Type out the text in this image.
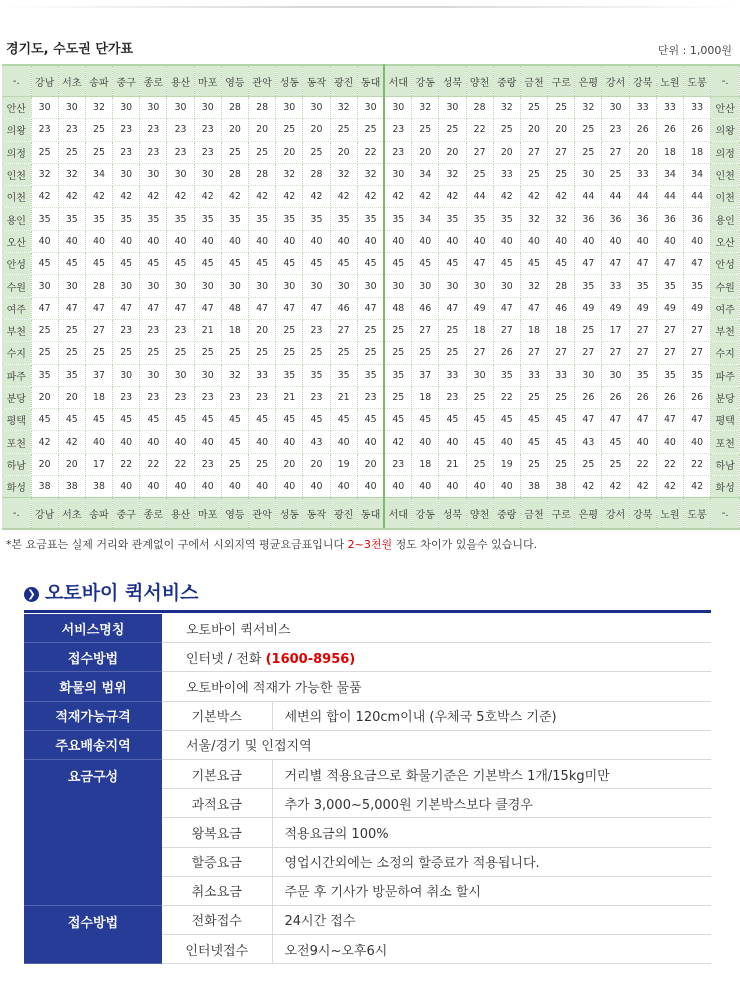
경기도, 수도권 단가표	단위 : 1,000원
-.	강남	서초	송파	중구	종로	용산	마포	영등	관악	성동	동작	광진	동대	서대	강동	성북	양천	중랑	금천	구로	은평	강서	강북	노원	도봉	-.
안산	30	30	32	30	30	30	30	28	28	30	30	32	30	30	32	30	28	32	25	25	32	30	33	33	33	안산
의왕	23	23	25	23	23	23	23	20	20	25	20	25	25	23	25	25	22	25	20	20	25	23	26	26	26	의왕
의정	25	25	25	23	23	23	23	25	25	20	25	20	22	23	20	20	27	20	27	27	25	27	20	18	18	의정
인천	32	32	34	30	30	30	30	28	28	32	28	32	32	30	34	32	25	33	25	25	30	25	33	34	34	인천
이천	42	42	42	42	42	42	42	42	42	42	42	42	42	42	42	42	44	42	42	42	44	44	44	44	44	이천
용인	35	35	35	35	35	35	35	35	35	35	35	35	35	35	34	35	35	35	32	32	36	36	36	36	36	용인
오산	40	40	40	40	40	40	40	40	40	40	40	40	40	40	40	40	40	40	40	40	40	40	40	40	40	오산
안성	45	45	45	45	45	45	45	45	45	45	45	45	45	45	45	45	47	45	45	45	47	47	47	47	47	안성
수원	30	30	28	30	30	30	30	30	30	30	30	30	30	30	30	30	30	30	32	28	35	33	35	35	35	수원
여주	47	47	47	47	47	47	47	48	47	47	47	46	47	48	46	47	49	47	47	46	49	49	49	49	49	여주
부천	25	25	27	23	23	23	21	18	20	25	23	27	25	25	27	25	18	27	18	18	25	17	27	27	27	부천
수지	25	25	25	25	25	25	25	25	25	25	25	25	25	25	25	25	27	26	27	27	27	27	27	27	27	수지
파주	35	35	37	30	30	30	30	32	33	35	35	35	35	35	37	33	30	35	33	33	30	30	35	35	35	파주
분당	20	20	18	23	23	23	23	23	23	21	23	21	23	25	18	23	25	22	25	25	26	26	26	26	26	분당
평택	45	45	45	45	45	45	45	45	45	45	45	45	45	45	45	45	45	45	45	45	47	47	47	47	47	평택
포천	42	42	40	40	40	40	40	45	40	40	43	40	40	42	40	40	45	40	45	45	43	45	40	40	40	포천
하남	20	20	17	22	22	22	23	25	25	20	20	19	20	23	18	21	25	19	25	25	25	25	22	22	22	하남
화성	38	38	38	40	40	40	40	40	40	40	40	40	40	40	40	40	40	40	38	38	42	42	42	42	42	화성
-.	강남	서초	송파	중구	종로	용산	마포	영등	관악	성동	동작	광진	동대	서대	강동	성북	양천	중랑	금천	구로	은평	강서	강북	노원	도봉	-.
*본 요금표는 실제 거리와 관계없이 구에서 시외지역 평균요금표입니다 2~3천원 정도 차이가 있을수 있습니다.
❯ 오토바이 퀵서비스
서비스명칭	오토바이 퀵서비스	
접수방법	인터넷 / 전화 (1600-8956)	
화물의 범위	오토바이에 적재가 가능한 물품	
적재가능규격	기본박스	세변의 합이 120cm이내 (우체국 5호박스 기준)
주요배송지역	서울/경기 및 인접지역	
요금구성	기본요금	거리별 적용요금으로 화물기준은 기본박스 1개/15kg미만
	과적요금	추가 3,000~5,000원 기본박스보다 클경우
	왕복요금	적용요금의 100%
	할증요금	영업시간외에는 소정의 할증료가 적용됩니다.
	취소요금	주문 후 기사가 방문하여 취소 할시
접수방법	전화접수	24시간 접수
	인터넷접수	오전9시~오후6시
